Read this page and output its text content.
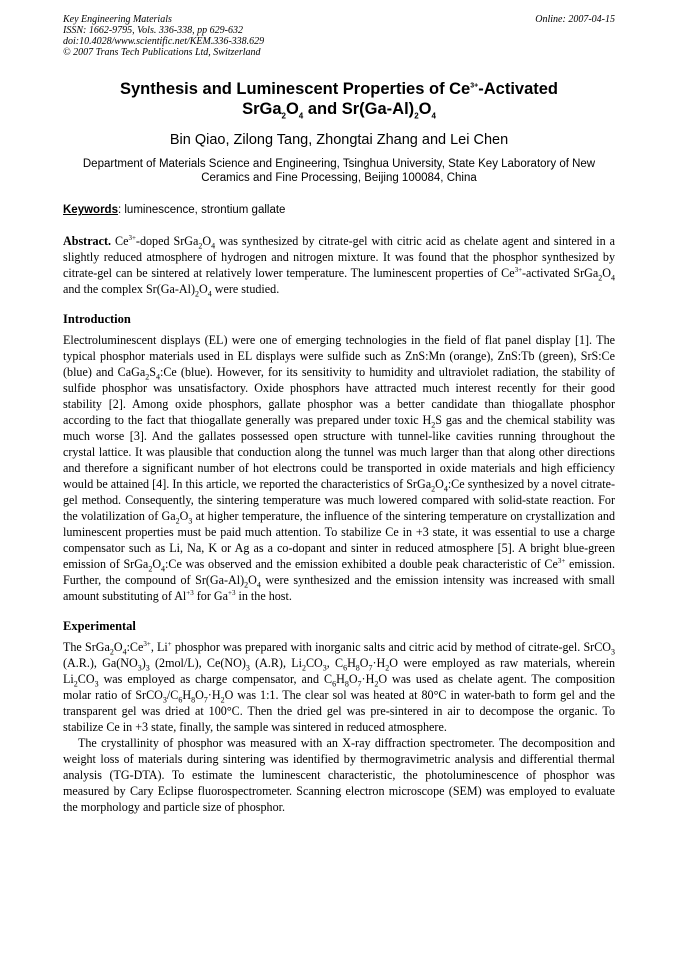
Key Engineering Materials	Online: 2007-04-15
ISSN: 1662-9795, Vols. 336-338, pp 629-632
doi:10.4028/www.scientific.net/KEM.336-338.629
© 2007 Trans Tech Publications Ltd, Switzerland
Synthesis and Luminescent Properties of $Ce^{3+}$-Activated
$SrGa_2O_4$ and $Sr(Ga-Al)_2O_4$
Bin Qiao, Zilong Tang, Zhongtai Zhang and Lei Chen
Department of Materials Science and Engineering, Tsinghua University, State Key Laboratory of New Ceramics and Fine Processing, Beijing 100084, China
Keywords: luminescence, strontium gallate

Abstract. $Ce^{3+}$-doped $SrGa_2O_4$ was synthesized by citrate-gel with citric acid as chelate agent and sintered in a slightly reduced atmosphere of hydrogen and nitrogen mixture. It was found that the phosphor synthesized by citrate-gel can be sintered at relatively lower temperature. The luminescent properties of $Ce^{3+}$-activated $SrGa_2O_4$ and the complex $Sr(Ga-Al)_2O_4$ were studied.

Introduction

Electroluminescent displays (EL) were one of emerging technologies in the field of flat panel display [1]. The typical phosphor materials used in EL displays were sulfide such as ZnS:Mn (orange), ZnS:Tb (green), SrS:Ce (blue) and $CaGa_2S_4:Ce$ (blue). However, for its sensitivity to humidity and ultraviolet radiation, the stability of sulfide phosphor was unsatisfactory. Oxide phosphors have attracted much interest recently for their good stability [2]. Among oxide phosphors, gallate phosphor was a better candidate than thiogallate phosphor according to the fact that thiogallate generally was prepared under toxic $H_2S$ gas and the chemical stability was much worse [3]. And the gallates possessed open structure with tunnel-like cavities running throughout the crystal lattice. It was plausible that conduction along the tunnel was much larger than that along other directions and therefore a significant number of hot electrons could be transported in oxide materials and high efficiency would be attained [4]. In this article, we reported the characteristics of $SrGa_2O_4:Ce$ synthesized by a novel citrate-gel method. Consequently, the sintering temperature was much lowered compared with solid-state reaction. For the volatilization of $Ga_2O_3$ at higher temperature, the influence of the sintering temperature on crystallization and luminescent properties must be paid much attention. To stabilize Ce in +3 state, it was essential to use a charge compensator such as Li, Na, K or Ag as a co-dopant and sinter in reduced atmosphere [5]. A bright blue-green emission of $SrGa_2O_4:Ce$ was observed and the emission exhibited a double peak characteristic of $Ce^{3+}$ emission. Further, the compound of $Sr(Ga-Al)_2O_4$ were synthesized and the emission intensity was increased with small amount substituting of $Al^{+3}$ for $Ga^{+3}$ in the host.

Experimental

The $SrGa_2O_4:Ce^{3+}$, Li+ phosphor was prepared with inorganic salts and citric acid by method of citrate-gel. SrCO$_3$ (A.R.), $Ga(NO_3)_3$ (2mol/L), $Ce(NO)_3$ (A.R), $Li_2CO_3$, $C_6H_8O_7\cdot H_2O$ were employed as raw materials, wherein $Li_2CO_3$ was employed as charge compensator, and $C_6H_8O_7\cdot H_2O$ was used as chelate agent. The composition molar ratio of $SrCO_3/C_6H_8O_7\cdot H_2O$ was 1:1. The clear sol was heated at 80°C in water-bath to form gel and the transparent gel was dried at 100°C. Then the dried gel was pre-sintered in air to decompose the organic. To stabilize Ce in +3 state, finally, the sample was sintered in reduced atmosphere.

The crystallinity of phosphor was measured with an X-ray diffraction spectrometer. The decomposition and weight loss of materials during sintering was identified by thermogravimetric analysis and differential thermal analysis (TG-DTA). To estimate the luminescent characteristic, the photoluminescence of phosphor was measured by Cary Eclipse fluorospectrometer. Scanning electron microscope (SEM) was employed to evaluate the morphology and particle size of phosphor.
